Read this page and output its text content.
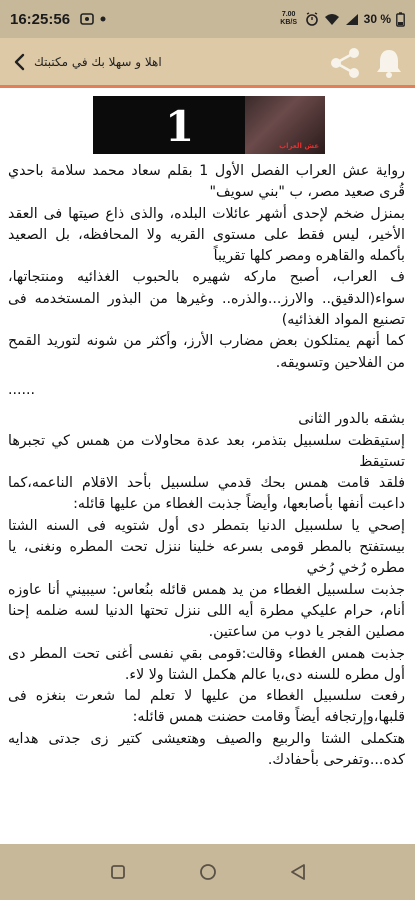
16:25:56	7.00 KB/S	30 %
اهلا و سهلا بك في مكتبتك
1	عش العراب

رواية عش العراب الفصل الأول 1 بقلم سعاد محمد سلامة باحدي قُرى صعيد مصر، ب "بني سويف"

بمنزل ضخم لإحدى أشهر عائلات البلده، والذى ذاع صيتها فى العقد الأخير، ليس فقط على مستوى القريه ولا المحافظه، بل الصعيد بأكمله والقاهره ومصر كلها تقريباً

ف العراب، أصبح ماركه شهيره بالحبوب الغذائيه ومنتجاتها، سواء(الدقيق.. والارز...والذره.. وغيرها من البذور المستخدمه فى تصنيع المواد الغذائيه)

كما أنهم يمتلكون بعض مضارب الأرز، وأكثر من شونه لتوريد القمح من الفلاحين وتسويقه.

......

بشقه بالدور الثانى

إستيقظت سلسبيل بتذمر، بعد عدة محاولات من همس كي تجبرها تستيقظ

فلقد قامت همس بحك قدمي سلسبيل بأحد الاقلام الناعمه،كما داعبت أنفها بأصابعها، وأيضاً جذبت الغطاء من عليها قائله:

إصحي يا سلسبيل الدنيا بتمطر دى أول شتويه فى السنه الشتا بيستفتح بالمطر قومى بسرعه خلينا ننزل تحت المطره ونغنى، يا مطره رُخي رُخي

جذبت سلسبيل الغطاء من يد همس قائله بنُعاس: سيبيني أنا عاوزه أنام، حرام عليكي مطرة أيه اللى ننزل تحتها الدنيا لسه ضلمه إحنا مصلين الفجر يا دوب من ساعتين.

جذبت همس الغطاء وقالت:قومى بقي نفسى أغنى تحت المطر دى أول مطره للسنه دى،يا عالم هكمل الشتا ولا لاء.

رفعت سلسبيل الغطاء من عليها لا تعلم لما شعرت بنغزه فى قلبها،وإرتجافه أيضاً وقامت حضنت همس قائله:

هتكملى الشتا والربيع والصيف وهتعيشى كتير زى جدتى هدايه كده...وتفرحى بأحفادك.
